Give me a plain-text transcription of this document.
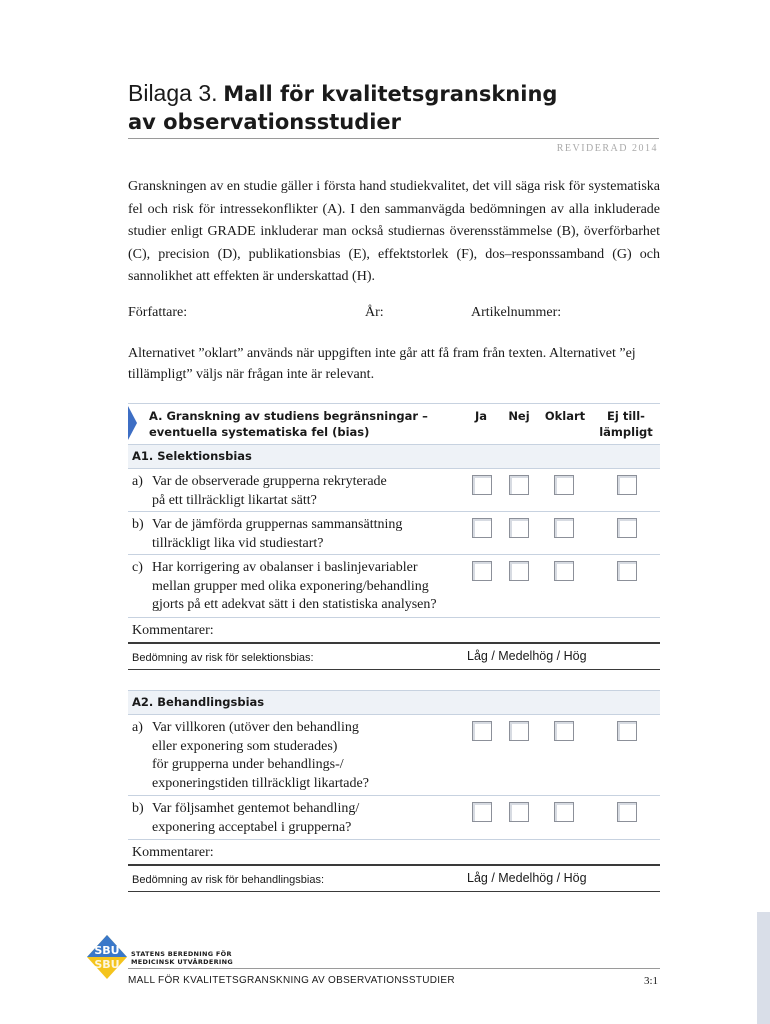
Bilaga 3. Mall för kvalitetsgranskning
av observationsstudier
REVIDERAD 2014
Granskningen av en studie gäller i första hand studiekvalitet, det vill säga risk för systematiska fel och risk för intressekonflikter (A). I den sammanvägda bedömningen av alla inkluderade studier enligt GRADE inkluderar man också studiernas överensstämmelse (B), överförbarhet (C), precision (D), publikationsbias (E), effektstorlek (F), dos–responssamband (G) och sannolikhet att effekten är underskattad (H).
Författare:	År:	Artikelnummer:
Alternativet ”oklart” används när uppgiften inte går att få fram från texten. Alternativet ”ej tillämpligt” väljs när frågan inte är relevant.
A. Granskning av studiens begränsningar –
eventuella systematiska fel (bias)
Ja	Nej Oklart	Ej till-
lämpligt
A1. Selektionsbias
a) Var de observerade grupperna rekryterade
på ett tillräckligt likartat sätt?
b) Var de jämförda gruppernas sammansättning
tillräckligt lika vid studiestart?
c) Har korrigering av obalanser i baslinjevariabler
mellan grupper med olika exponering/behandling
gjorts på ett adekvat sätt i den statistiska analysen?
Kommentarer:
Bedömning av risk för selektionsbias:	Låg / Medelhög / Hög
A2. Behandlingsbias
a) Var villkoren (utöver den behandling
eller exponering som studerades)
för grupperna under behandlings-/
exponeringstiden tillräckligt likartade?
b) Var följsamhet gentemot behandling/
exponering acceptabel i grupperna?
Kommentarer:
Bedömning av risk för behandlingsbias:	Låg / Medelhög / Hög
SBU
SBU
STATENS BEREDNING FÖR
MEDICINSK UTVÄRDERING
MALL FÖR KVALITETSGRANSKNING AV OBSERVATIONSSTUDIER	3:1
